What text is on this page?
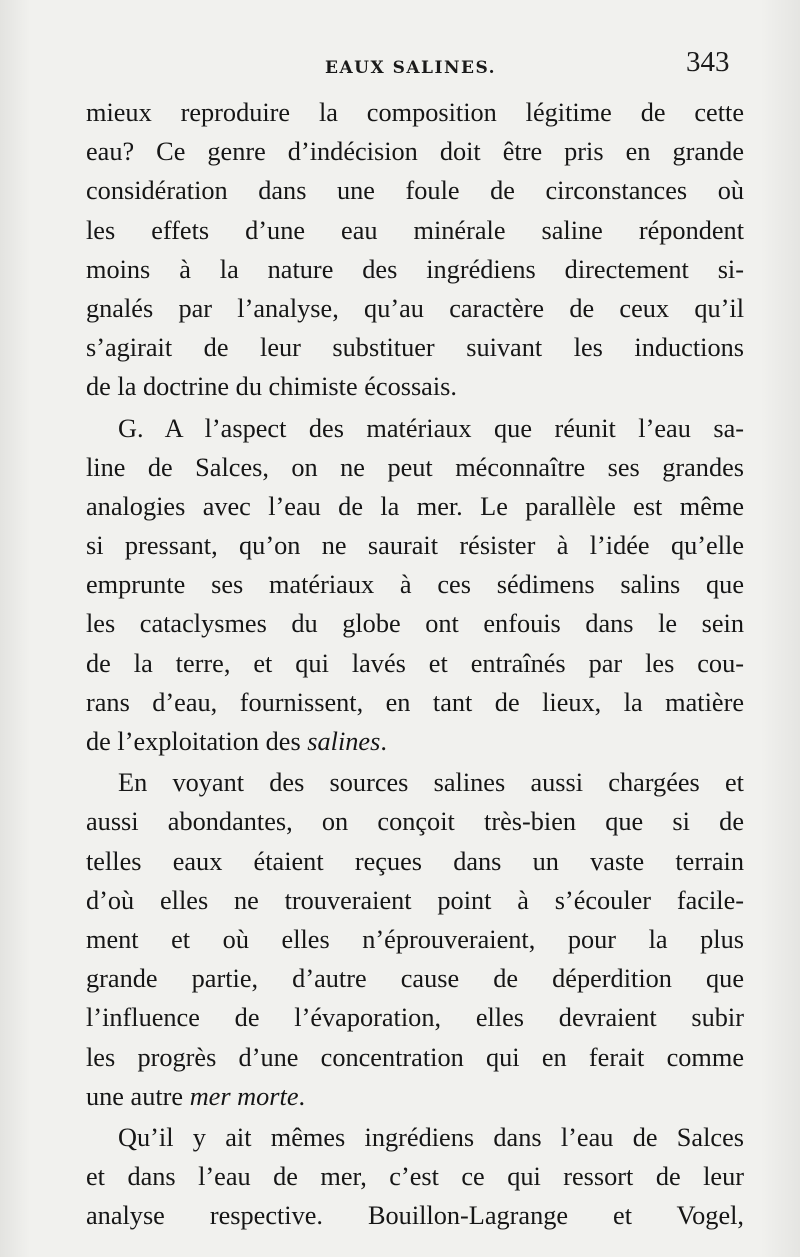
EAUX SALINES.	343
mieux reproduire la composition légitime de cette
eau? Ce genre d’indécision doit être pris en grande
considération dans une foule de circonstances où
les effets d’une eau minérale saline répondent
moins à la nature des ingrédiens directement si-
gnalés par l’analyse, qu’au caractère de ceux qu’il
s’agirait de leur substituer suivant les inductions
de la doctrine du chimiste écossais.
G. A l’aspect des matériaux que réunit l’eau sa-
line de Salces, on ne peut méconnaître ses grandes
analogies avec l’eau de la mer. Le parallèle est même
si pressant, qu’on ne saurait résister à l’idée qu’elle
emprunte ses matériaux à ces sédimens salins que
les cataclysmes du globe ont enfouis dans le sein
de la terre, et qui lavés et entraînés par les cou-
rans d’eau, fournissent, en tant de lieux, la matière
de l’exploitation des salines.
En voyant des sources salines aussi chargées et
aussi abondantes, on conçoit très-bien que si de
telles eaux étaient reçues dans un vaste terrain
d’où elles ne trouveraient point à s’écouler facile-
ment et où elles n’éprouveraient, pour la plus
grande partie, d’autre cause de déperdition que
l’influence de l’évaporation, elles devraient subir
les progrès d’une concentration qui en ferait comme
une autre mer morte.
Qu’il y ait mêmes ingrédiens dans l’eau de Salces
et dans l’eau de mer, c’est ce qui ressort de leur
analyse respective. Bouillon-Lagrange et Vogel,
